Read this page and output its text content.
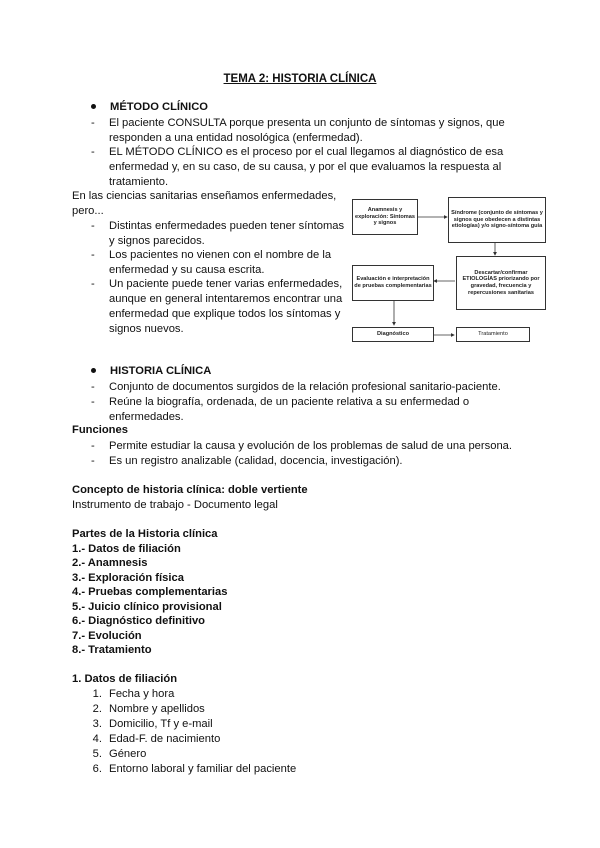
TEMA 2: HISTORIA CLÍNICA
MÉTODO CLÍNICO
- El paciente CONSULTA porque presenta un conjunto de síntomas y signos, que
responden a una entidad nosológica (enfermedad).
- EL MÉTODO CLÍNICO es el proceso por el cual llegamos al diagnóstico de esa
enfermedad y, en su caso, de su causa, y por el que evaluamos la respuesta al
tratamiento.
En las ciencias sanitarias enseñamos enfermedades,
pero...
- Distintas enfermedades pueden tener síntomas
y signos parecidos.
- Los pacientes no vienen con el nombre de la
enfermedad y su causa escrita.
- Un paciente puede tener varias enfermedades,
aunque en general intentaremos encontrar una
enfermedad que explique todos los síntomas y
signos nuevos.
Anamnesis y exploración: Síntomas y signos
Síndrome (conjunto de síntomas y signos que obedecen a distintas etiologías) y/o signo-síntoma guía
Evaluación e interpretación de pruebas complementarias
Descartar/confirmar ETIOLOGÍAS priorizando por gravedad, frecuencia y repercusiones sanitarias
Diagnóstico	Tratamiento
HISTORIA CLÍNICA
- Conjunto de documentos surgidos de la relación profesional sanitario-paciente.
- Reúne la biografía, ordenada, de un paciente relativa a su enfermedad o
enfermedades.
Funciones
- Permite estudiar la causa y evolución de los problemas de salud de una persona.
- Es un registro analizable (calidad, docencia, investigación).
Concepto de historia clínica: doble vertiente
Instrumento de trabajo - Documento legal
Partes de la Historia clínica
1.- Datos de filiación
2.- Anamnesis
3.- Exploración física
4.- Pruebas complementarias
5.- Juicio clínico provisional
6.- Diagnóstico definitivo
7.- Evolución
8.- Tratamiento
1. Datos de filiación
1. Fecha y hora
2. Nombre y apellidos
3. Domicilio, Tf y e-mail
4. Edad-F. de nacimiento
5. Género
6. Entorno laboral y familiar del paciente
